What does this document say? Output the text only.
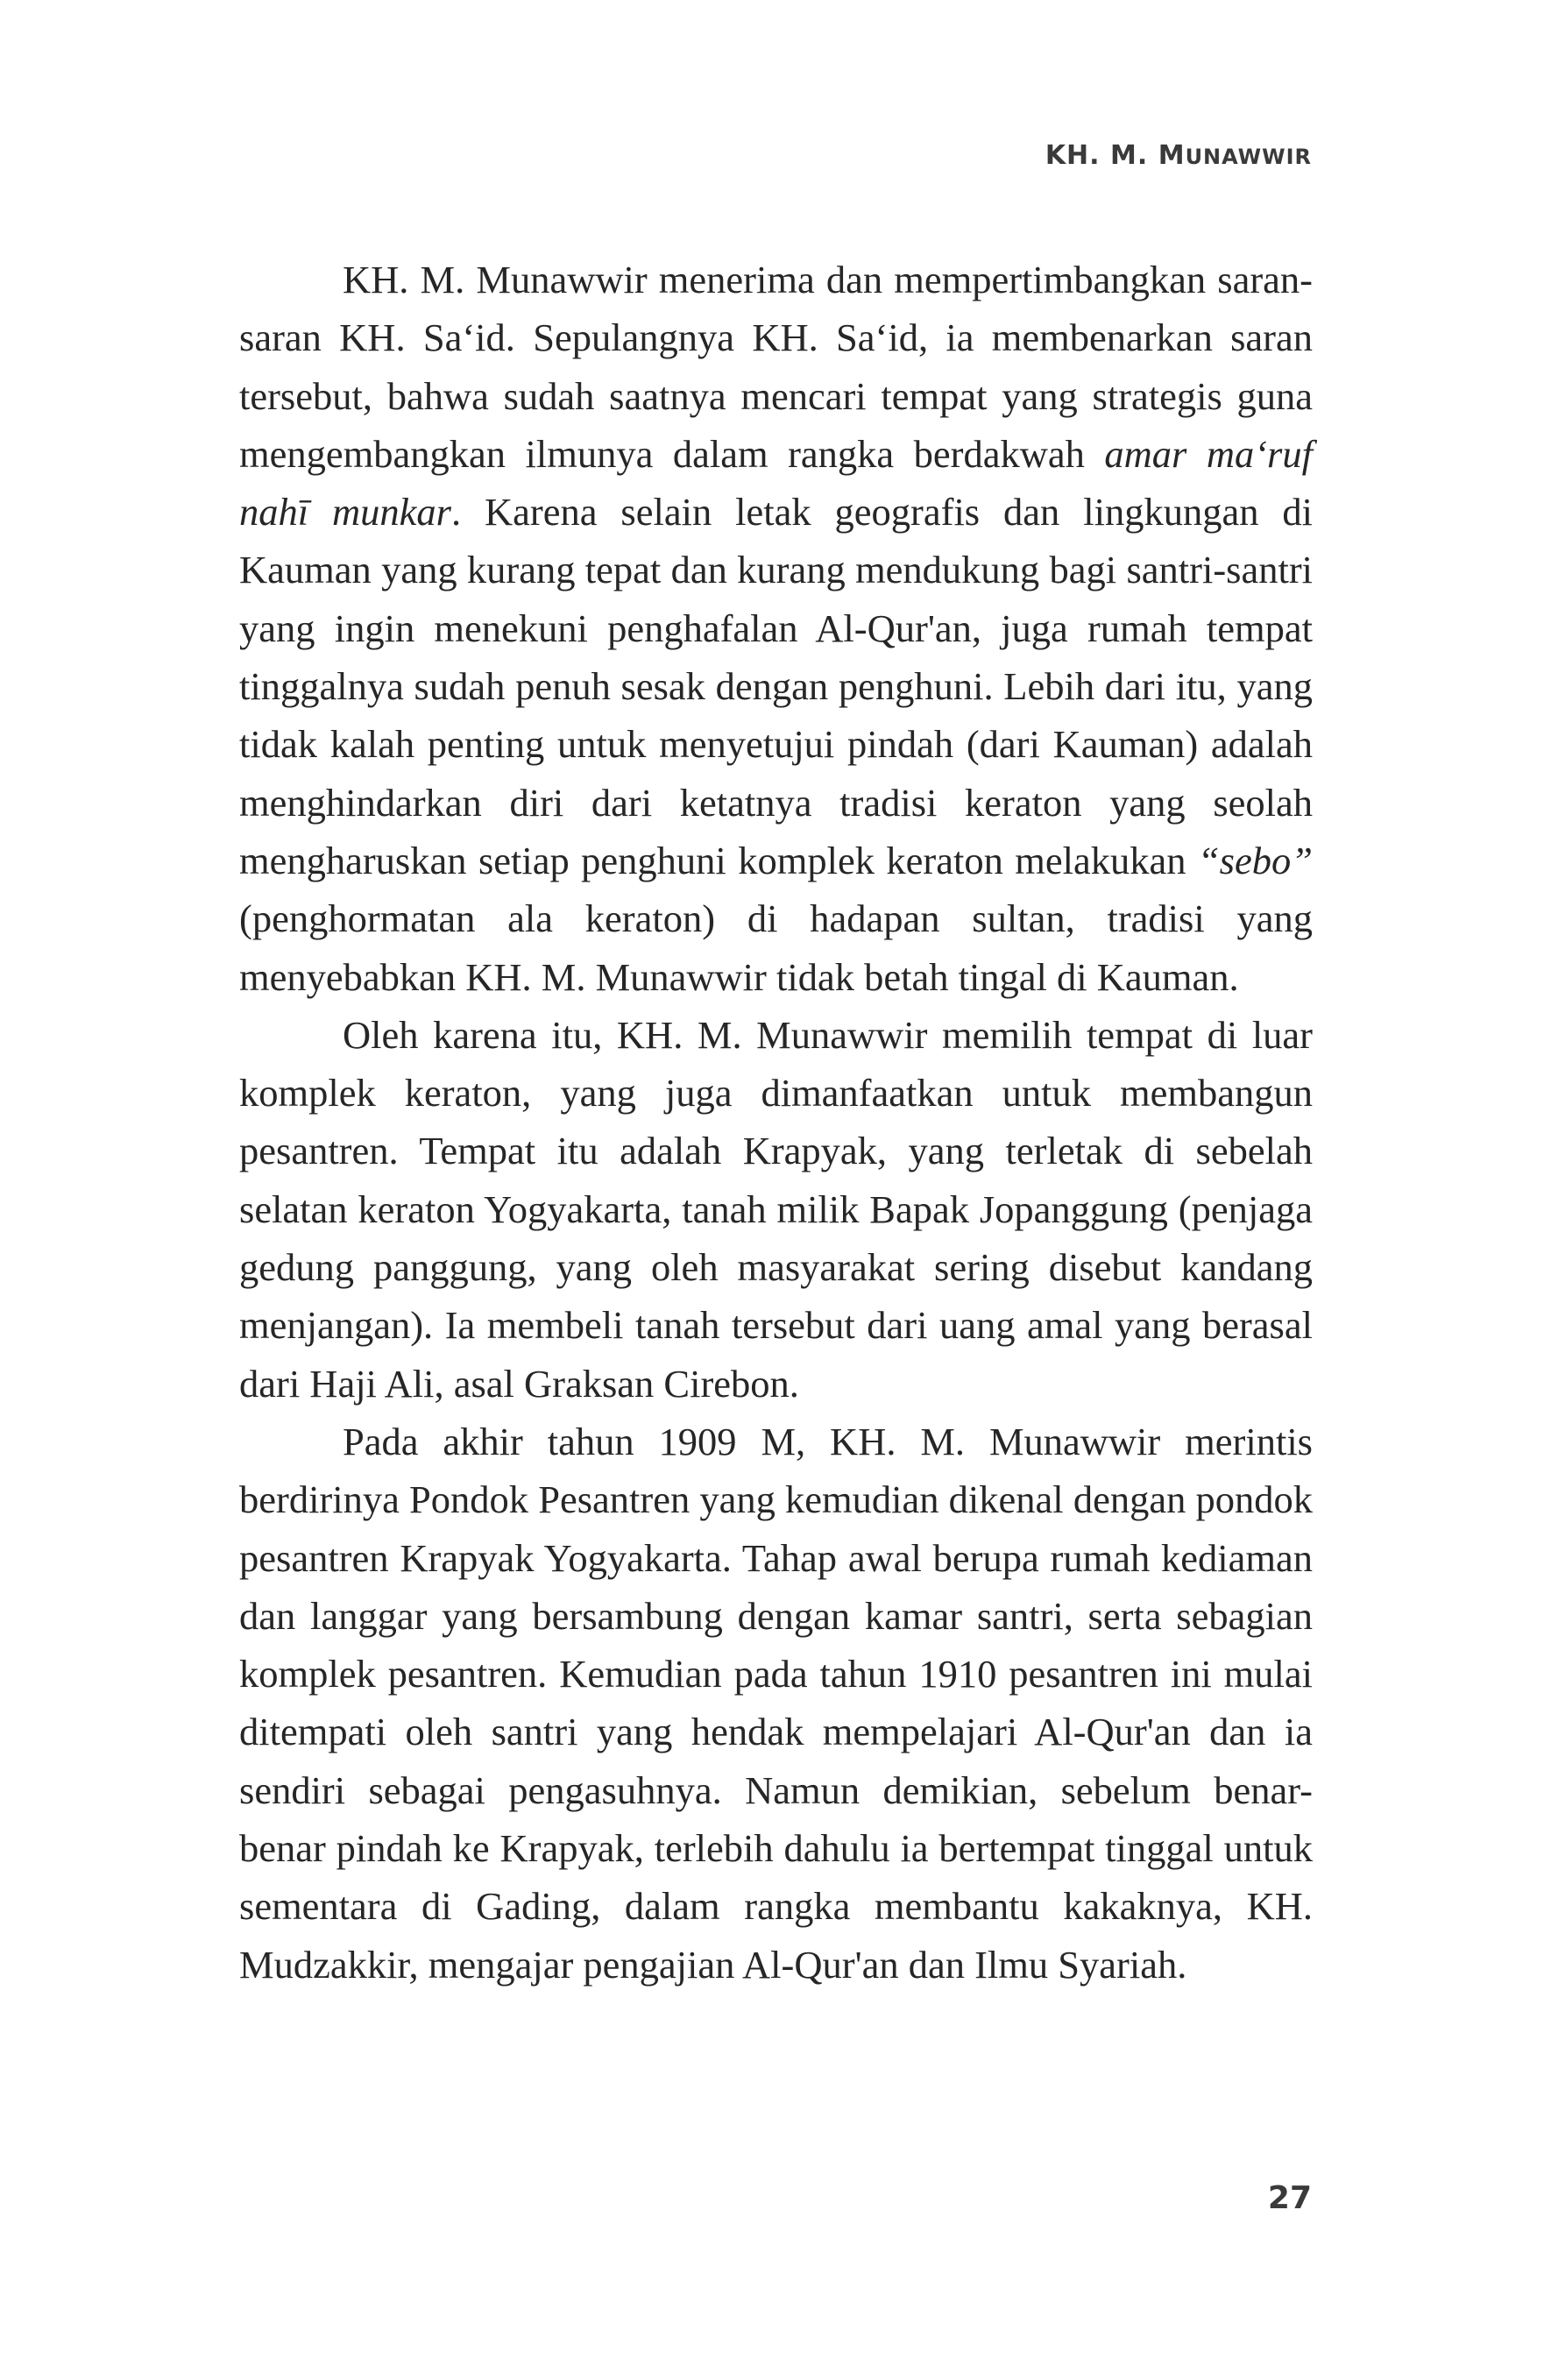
KH. M. MUNAWWIR

KH. M. Munawwir menerima dan mempertimbangkan saran-saran KH. Sa‘id. Sepulangnya KH. Sa‘id, ia membenarkan saran tersebut, bahwa sudah saatnya mencari tempat yang strategis guna mengembangkan ilmunya dalam rangka berdakwah amar ma‘ruf nahī munkar. Karena selain letak geografis dan lingkungan di Kauman yang kurang tepat dan kurang mendukung bagi santri-santri yang ingin menekuni penghafalan Al-Qur'an, juga rumah tempat tinggalnya sudah penuh sesak dengan penghuni. Lebih dari itu, yang tidak kalah penting untuk menyetujui pindah (dari Kauman) adalah menghindarkan diri dari ketatnya tradisi keraton yang seolah mengharuskan setiap penghuni komplek keraton melakukan “sebo” (penghormatan ala keraton) di hadapan sultan, tradisi yang menyebabkan KH. M. Munawwir tidak betah tingal di Kauman.

Oleh karena itu, KH. M. Munawwir memilih tempat di luar komplek keraton, yang juga dimanfaatkan untuk membangun pesantren. Tempat itu adalah Krapyak, yang terletak di sebelah selatan keraton Yogyakarta, tanah milik Bapak Jopanggung (penjaga gedung panggung, yang oleh masyarakat sering disebut kandang menjangan). Ia membeli tanah tersebut dari uang amal yang berasal dari Haji Ali, asal Graksan Cirebon.

Pada akhir tahun 1909 M, KH. M. Munawwir merintis berdirinya Pondok Pesantren yang kemudian dikenal dengan pondok pesantren Krapyak Yogyakarta. Tahap awal berupa rumah kediaman dan langgar yang bersambung dengan kamar santri, serta sebagian komplek pesantren. Kemudian pada tahun 1910 pesantren ini mulai ditempati oleh santri yang hendak mempelajari Al-Qur'an dan ia sendiri sebagai pengasuhnya. Namun demikian, sebelum benar-benar pindah ke Krapyak, terlebih dahulu ia bertempat tinggal untuk sementara di Gading, dalam rangka membantu kakaknya, KH. Mudzakkir, mengajar pengajian Al-Qur'an dan Ilmu Syariah.

27
